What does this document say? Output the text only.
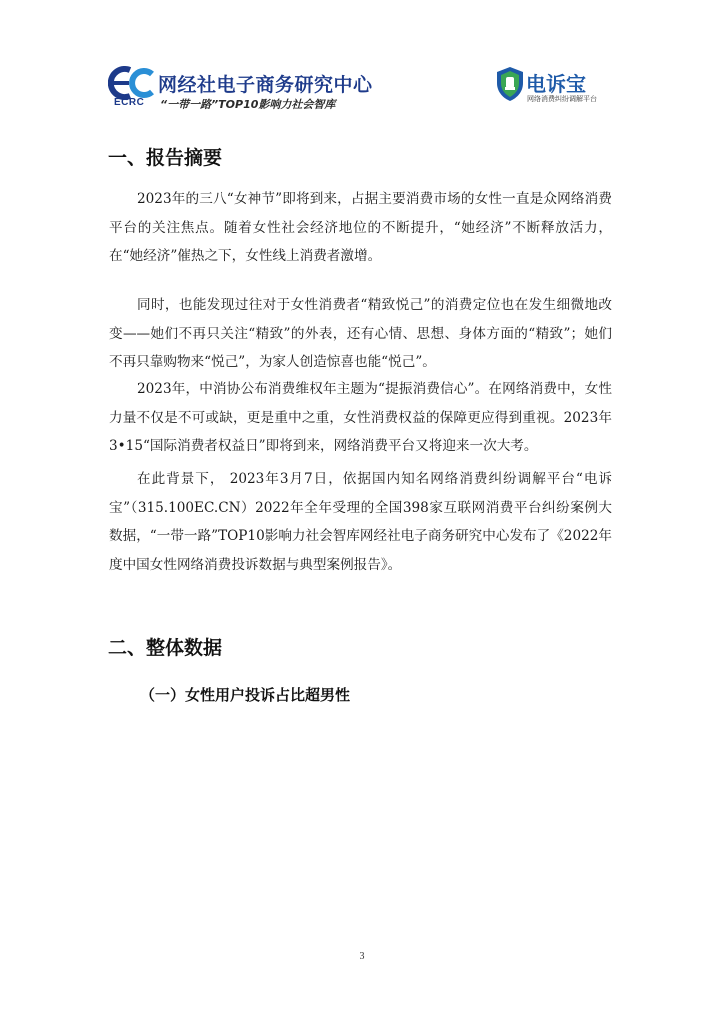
ECRC
网经社电子商务研究中心
“一带一路”TOP10影响力社会智库
电诉宝
网络消费纠纷调解平台
一、报告摘要

2023年的三八“女神节”即将到来，占据主要消费市场的女性一直是众网络消费平台的关注焦点。随着女性社会经济地位的不断提升，“她经济”不断释放活力，在“她经济”催热之下，女性线上消费者激增。

同时，也能发现过往对于女性消费者“精致悦己”的消费定位也在发生细微地改变——她们不再只关注“精致”的外表，还有心情、思想、身体方面的“精致”；她们不再只靠购物来“悦己”，为家人创造惊喜也能“悦己”。

2023年，中消协公布消费维权年主题为“提振消费信心”。在网络消费中，女性力量不仅是不可或缺，更是重中之重，女性消费权益的保障更应得到重视。2023年3•15“国际消费者权益日”即将到来，网络消费平台又将迎来一次大考。

在此背景下， 2023年3月7日，依据国内知名网络消费纠纷调解平台“电诉宝”（315.100EC.CN）2022年全年受理的全国398家互联网消费平台纠纷案例大数据，“一带一路”TOP10影响力社会智库网经社电子商务研究中心发布了《2022年度中国女性网络消费投诉数据与典型案例报告》。

二、整体数据
（一）女性用户投诉占比超男性
3
